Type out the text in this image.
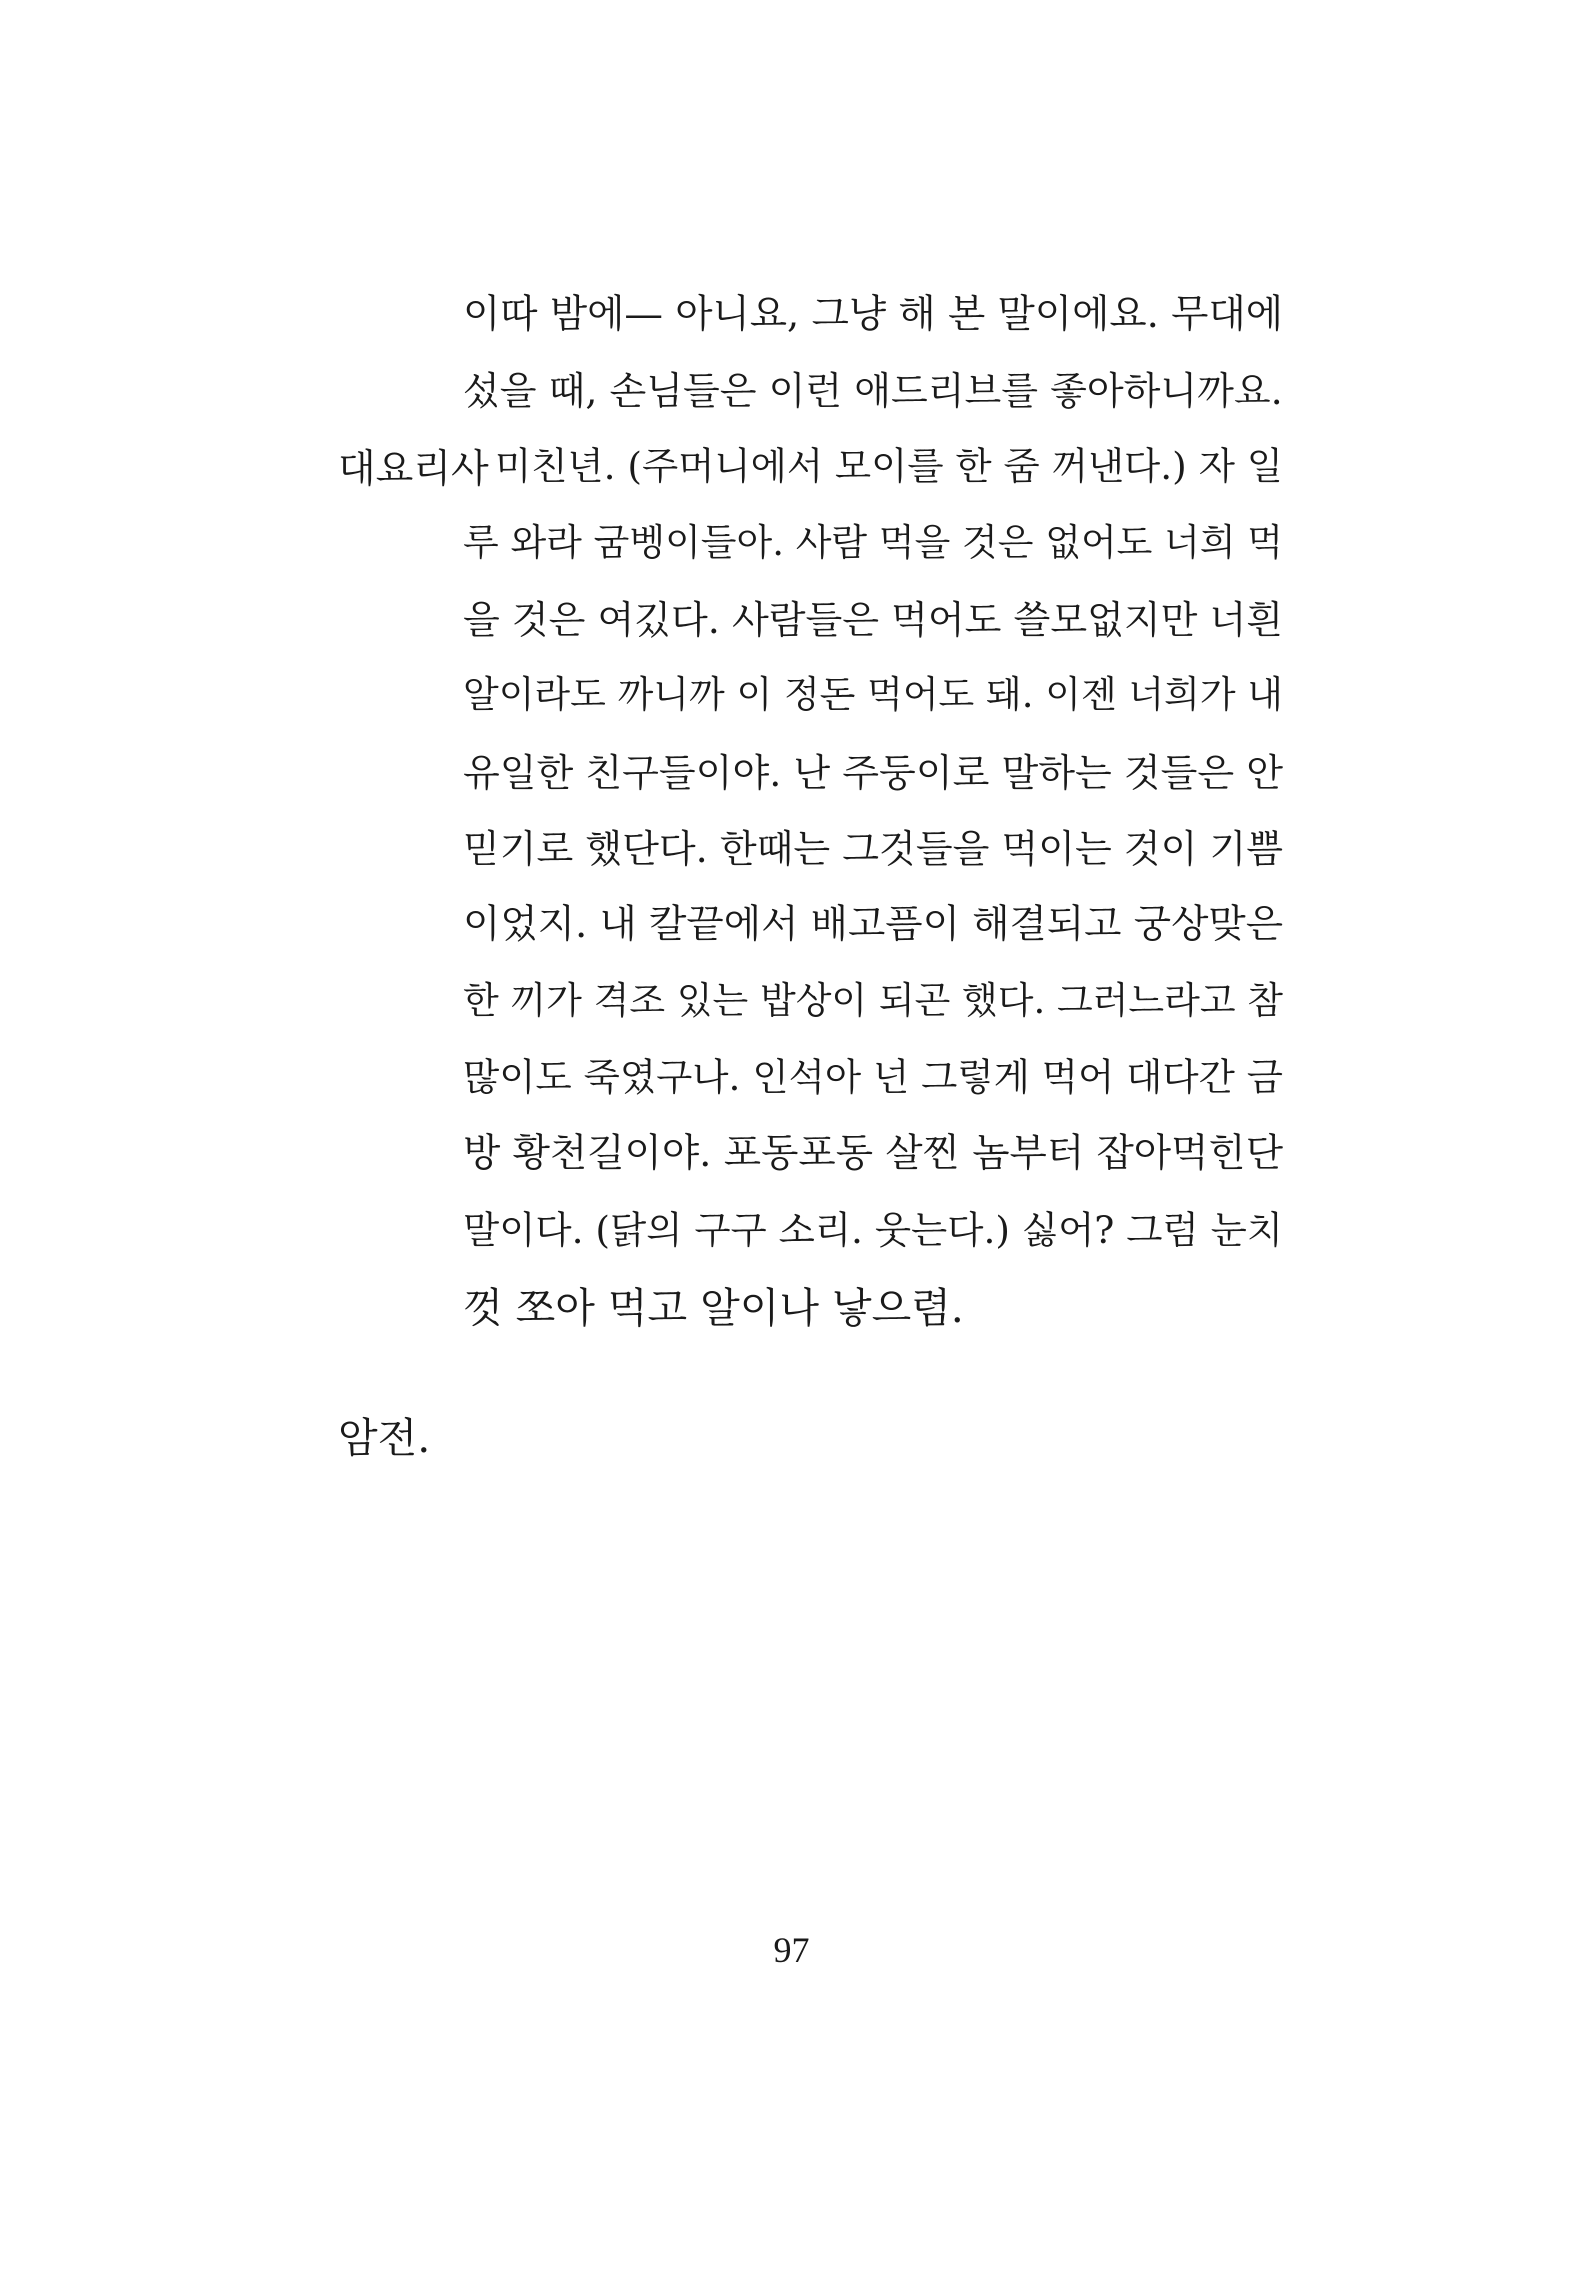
이따 밤에— 아니요, 그냥 해 본 말이에요. 무대에
섰을 때, 손님들은 이런 애드리브를 좋아하니까요.
대요리사 미친년. (주머니에서 모이를 한 줌 꺼낸다.) 자 일
루 와라 굼벵이들아. 사람 먹을 것은 없어도 너희 먹
을 것은 여깄다. 사람들은 먹어도 쓸모없지만 너흰
알이라도 까니까 이 정돈 먹어도 돼. 이젠 너희가 내
유일한 친구들이야. 난 주둥이로 말하는 것들은 안
믿기로 했단다. 한때는 그것들을 먹이는 것이 기쁨
이었지. 내 칼끝에서 배고픔이 해결되고 궁상맞은
한 끼가 격조 있는 밥상이 되곤 했다. 그러느라고 참
많이도 죽였구나. 인석아 넌 그렇게 먹어 대다간 금
방 황천길이야. 포동포동 살찐 놈부터 잡아먹힌단
말이다. (닭의 구구 소리. 웃는다.) 싫어? 그럼 눈치
껏 쪼아 먹고 알이나 낳으렴.
암전.
97
